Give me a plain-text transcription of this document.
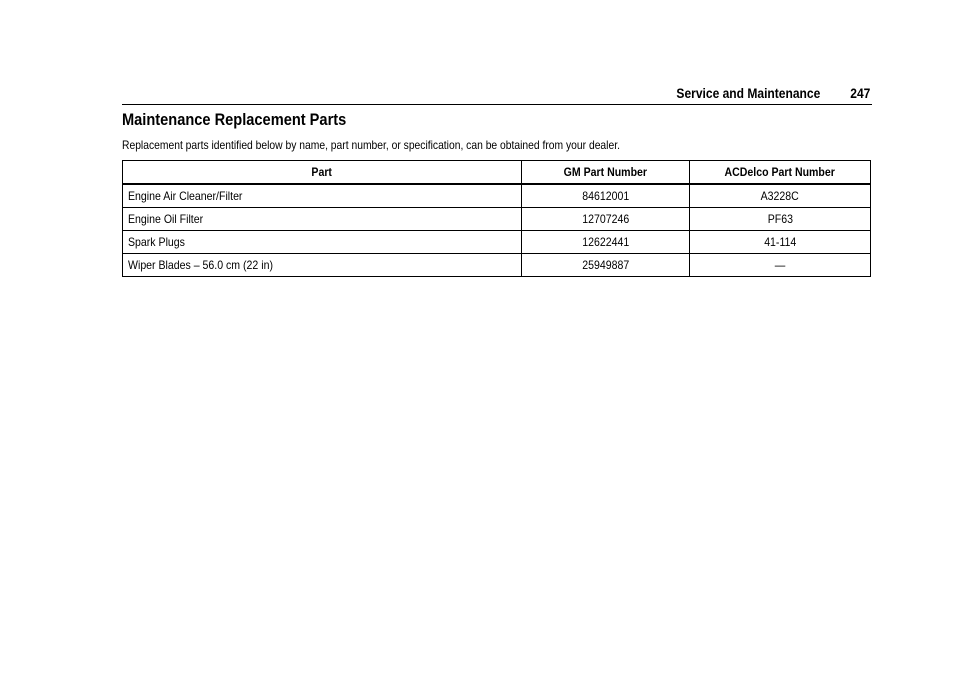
Service and Maintenance 247
Maintenance Replacement Parts

Replacement parts identified below by name, part number, or specification, can be obtained from your dealer.

Part	GM Part Number	ACDelco Part Number
Engine Air Cleaner/Filter	84612001	A3228C
Engine Oil Filter	12707246	PF63
Spark Plugs	12622441	41-114
Wiper Blades – 56.0 cm (22 in)	25949887	—
